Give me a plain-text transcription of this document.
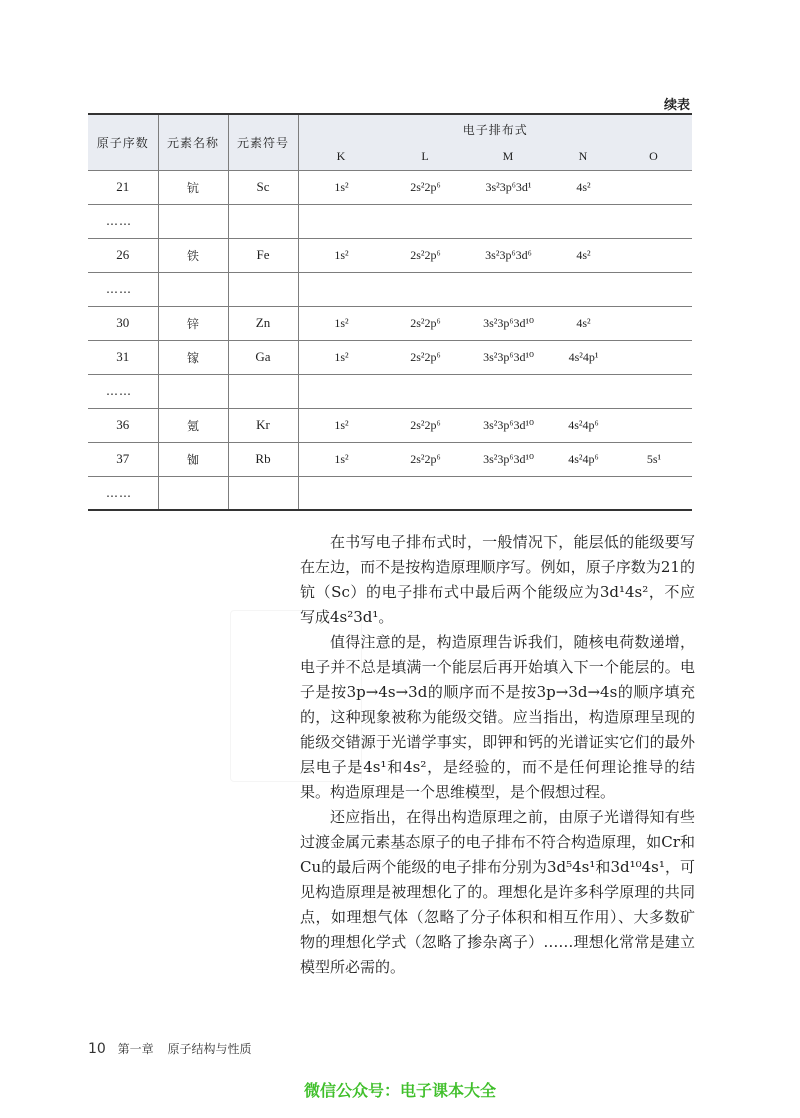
续表
原子序数	元素名称	元素符号	电子排布式

			K L M N O

21	钪	Sc	1s² 2s²2p⁶ 3s²3p⁶3d¹ 4s²

……			
26	铁	Fe	1s² 2s²2p⁶ 3s²3p⁶3d⁶ 4s²

……			
30	锌	Zn	1s² 2s²2p⁶ 3s²3p⁶3d¹⁰ 4s²

31	镓	Ga	1s² 2s²2p⁶ 3s²3p⁶3d¹⁰ 4s²4p¹

……			
36	氪	Kr	1s² 2s²2p⁶ 3s²3p⁶3d¹⁰ 4s²4p⁶

37	铷	Rb	1s² 2s²2p⁶ 3s²3p⁶3d¹⁰ 4s²4p⁶ 5s¹

……			

在书写电子排布式时，一般情况下，能层低的能级要写在左边，而不是按构造原理顺序写。例如，原子序数为21的钪（Sc）的电子排布式中最后两个能级应为3d¹4s²，不应写成4s²3d¹。

值得注意的是，构造原理告诉我们，随核电荷数递增，电子并不总是填满一个能层后再开始填入下一个能层的。电子是按3p→4s→3d的顺序而不是按3p→3d→4s的顺序填充的，这种现象被称为能级交错。应当指出，构造原理呈现的能级交错源于光谱学事实，即钾和钙的光谱证实它们的最外层电子是4s¹和4s²，是经验的，而不是任何理论推导的结果。构造原理是一个思维模型，是个假想过程。

还应指出，在得出构造原理之前，由原子光谱得知有些过渡金属元素基态原子的电子排布不符合构造原理，如Cr和Cu的最后两个能级的电子排布分别为3d⁵4s¹和3d¹⁰4s¹，可见构造原理是被理想化了的。理想化是许多科学原理的共同点，如理想气体（忽略了分子体积和相互作用）、大多数矿物的理想化学式（忽略了掺杂离子）……理想化常常是建立模型所必需的。

10 第一章 原子结构与性质
微信公众号：电子课本大全
